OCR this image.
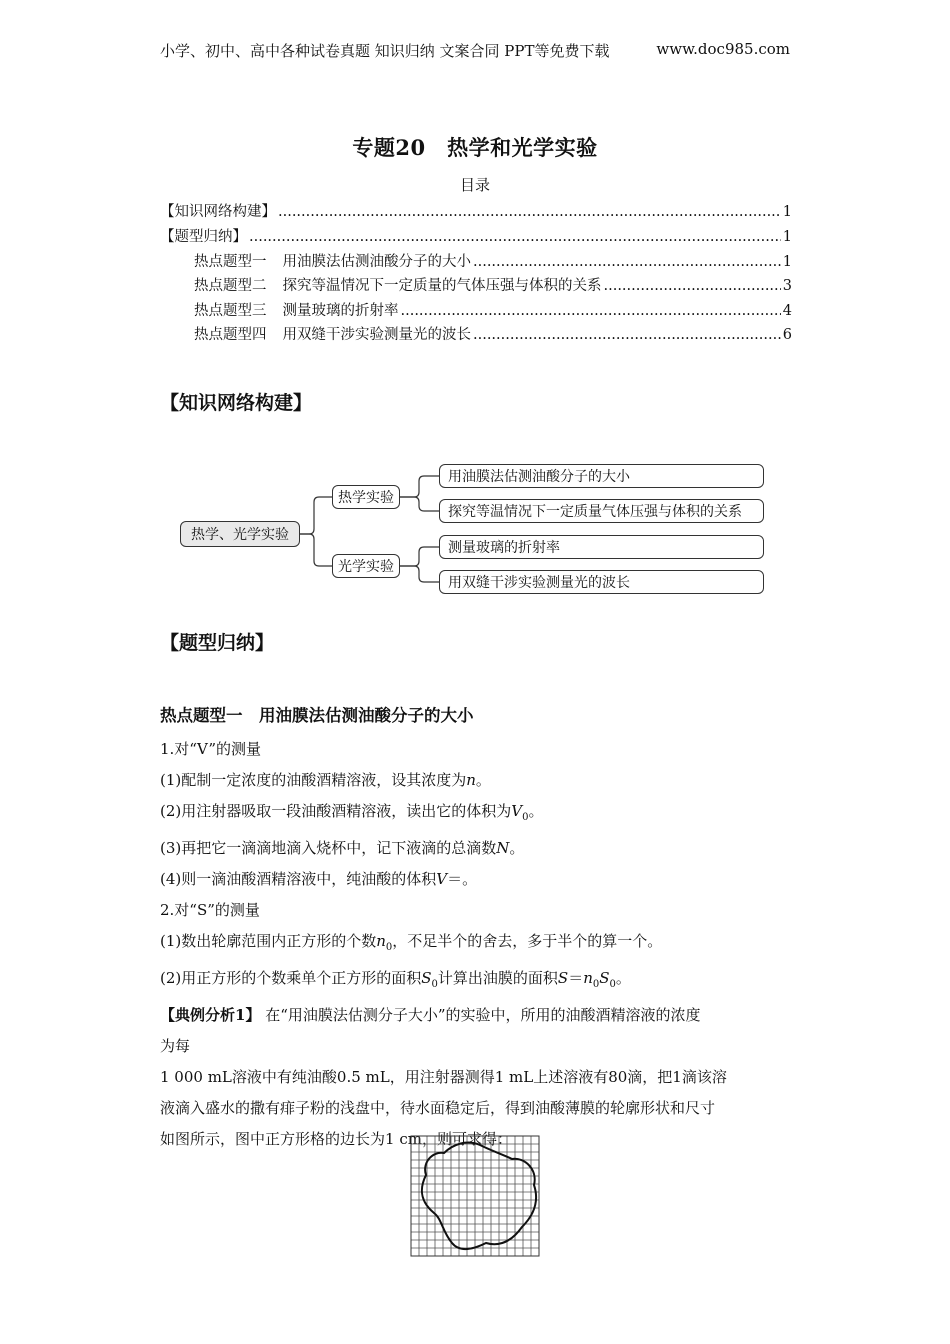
小学、初中、高中各种试卷真题 知识归纳 文案合同 PPT等免费下载	www.doc985.com
专题20　热学和光学实验
目录
【知识网络构建】 .....	1
【题型归纳】 .....	1
热点题型一 用油膜法估测油酸分子的大小 .....	1
热点题型二 探究等温情况下一定质量的气体压强与体积的关系 .....	3
热点题型三 测量玻璃的折射率 .....	4
热点题型四 用双缝干涉实验测量光的波长 .....	6
【知识网络构建】
热学、光学实验
热学实验
光学实验
用油膜法估测油酸分子的大小
探究等温情况下一定质量气体压强与体积的关系
测量玻璃的折射率
用双缝干涉实验测量光的波长
【题型归纳】
热点题型一　用油膜法估测油酸分子的大小
1.对“V”的测量
(1)配制一定浓度的油酸酒精溶液，设其浓度为n。
(2)用注射器吸取一段油酸酒精溶液，读出它的体积为$V_0$。
(3)再把它一滴滴地滴入烧杯中，记下液滴的总滴数N。
(4)则一滴油酸酒精溶液中，纯油酸的体积V＝。
2.对“S”的测量
(1)数出轮廓范围内正方形的个数$n_0$，不足半个的舍去，多于半个的算一个。
(2)用正方形的个数乘单个正方形的面积$S_0$计算出油膜的面积$S=n_0S_0$。
【典例分析1】 在“用油膜法估测分子大小”的实验中，所用的油酸酒精溶液的浓度
为每
1 000 mL溶液中有纯油酸0.5 mL，用注射器测得1 mL上述溶液有80滴，把1滴该溶
液滴入盛水的撒有痱子粉的浅盘中，待水面稳定后，得到油酸薄膜的轮廓形状和尺寸
如图所示，图中正方形格的边长为1 cm，则可求得：
